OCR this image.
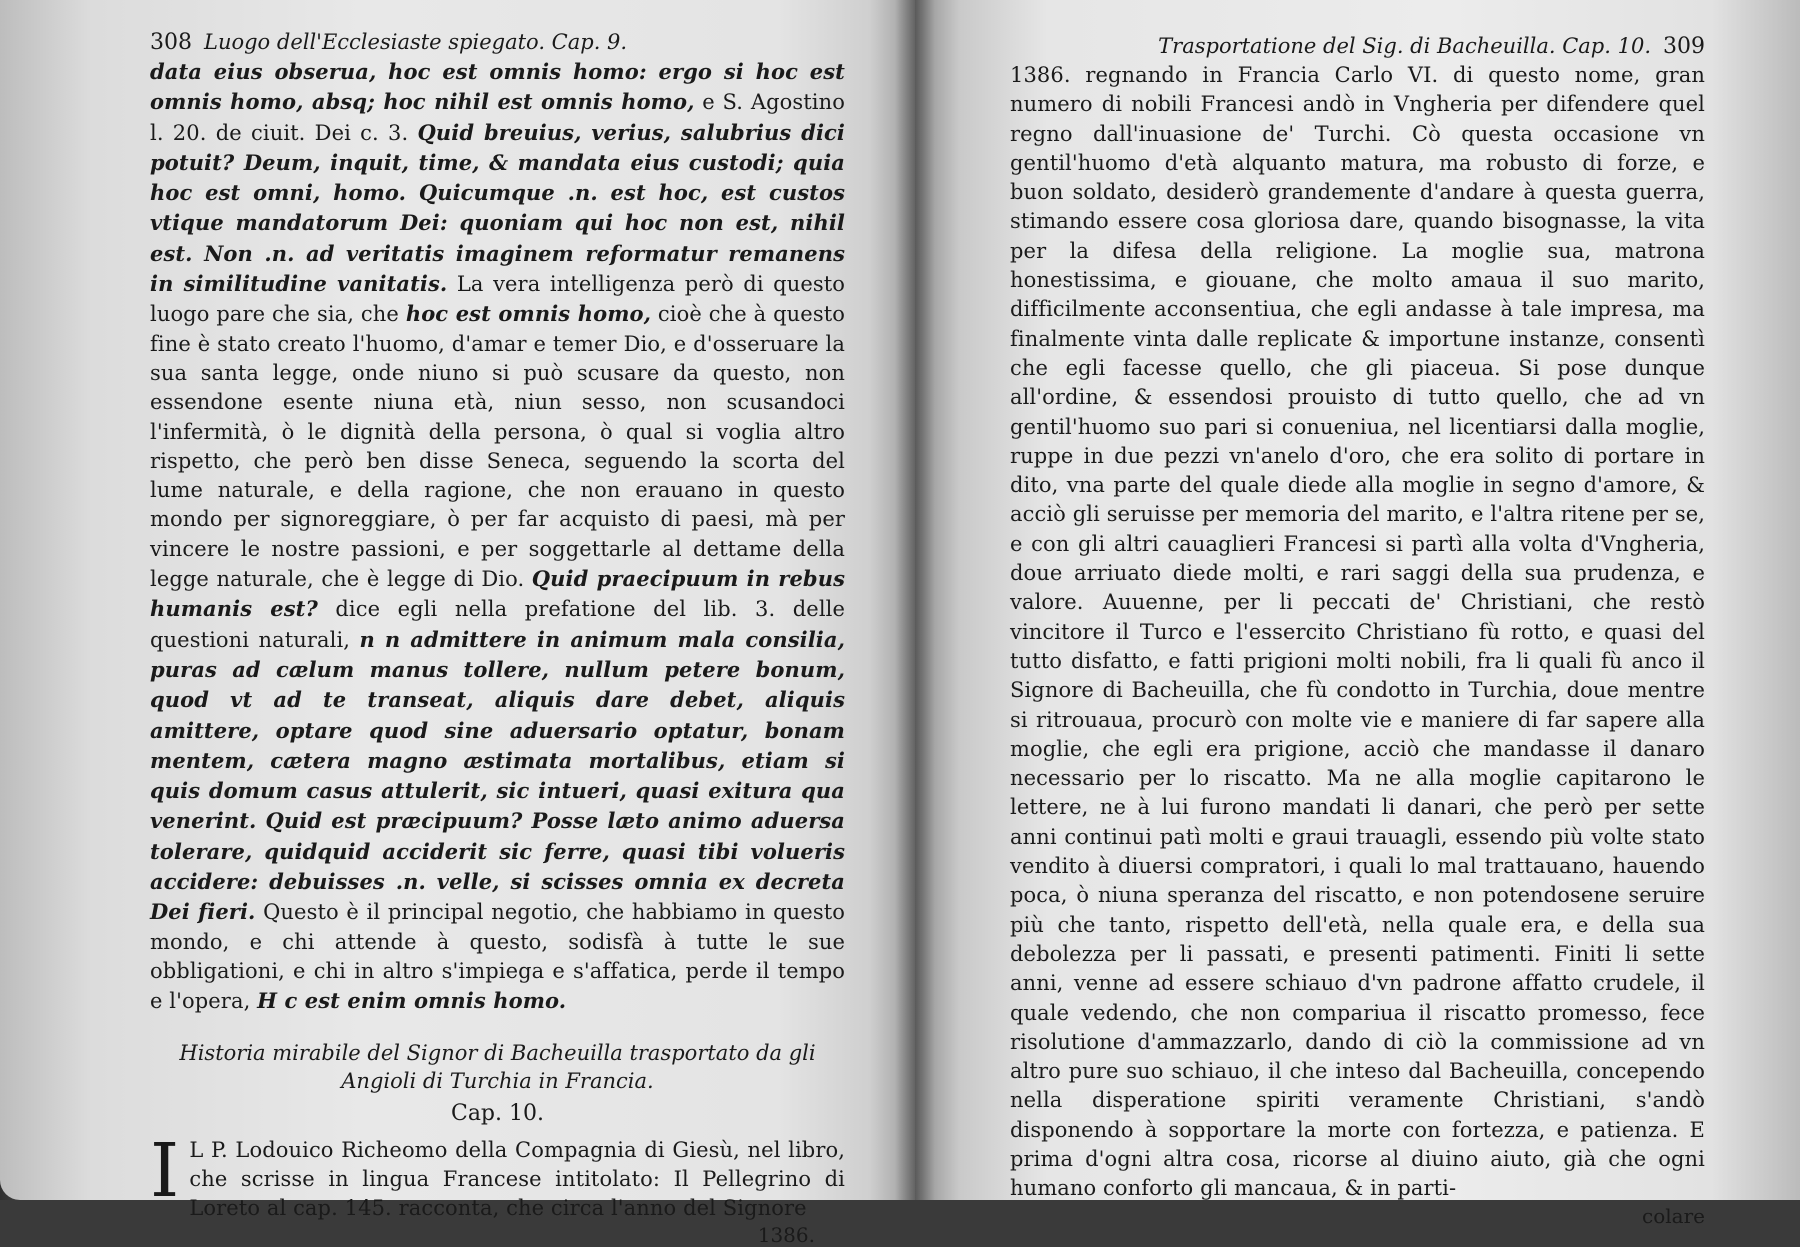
308 Luogo dell'Ecclesiaste spiegato. Cap. 9.

data eius obserua, hoc est omnis homo: ergo si hoc est omnis homo, absq; hoc nihil est omnis homo, e S. Agostino l. 20. de ciuit. Dei c. 3. Quid breuius, verius, salubrius dici potuit? Deum, inquit, time, & mandata eius custodi; quia hoc est omni, homo. Quicumque .n. est hoc, est custos vtique mandatorum Dei: quoniam qui hoc non est, nihil est. Non .n. ad veritatis imaginem reformatur remanens in similitudine vanitatis. La vera intelligenza però di questo luogo pare che sia, che hoc est omnis homo, cioè che à questo fine è stato creato l'huomo, d'amar e temer Dio, e d'osseruare la sua santa legge, onde niuno si può scusare da questo, non essendone esente niuna età, niun sesso, non scusandoci l'infermità, ò le dignità della persona, ò qual si voglia altro rispetto, che però ben disse Seneca, seguendo la scorta del lume naturale, e della ragione, che non erauano in questo mondo per signoreggiare, ò per far acquisto di paesi, mà per vincere le nostre passioni, e per soggettarle al dettame della legge naturale, che è legge di Dio. Quid praecipuum in rebus humanis est? dice egli nella prefatione del lib. 3. delle questioni naturali, n n admittere in animum mala consilia, puras ad cælum manus tollere, nullum petere bonum, quod vt ad te transeat, aliquis dare debet, aliquis amittere, optare quod sine aduersario optatur, bonam mentem, cætera magno æstimata mortalibus, etiam si quis domum casus attulerit, sic intueri, quasi exitura qua venerint. Quid est præcipuum? Posse læto animo aduersa tolerare, quidquid acciderit sic ferre, quasi tibi volueris accidere: debuisses .n. velle, si scisses omnia ex decreta Dei fieri. Questo è il principal negotio, che habbiamo in questo mondo, e chi attende à questo, sodisfà à tutte le sue obbligationi, e chi in altro s'impiega e s'affatica, perde il tempo e l'opera, H c est enim omnis homo.

Historia mirabile del Signor di Bacheuilla trasportato da gli
Angioli di Turchia in Francia.
Cap. 10.

I L P. Lodouico Richeomo della Compagnia di Giesù, nel libro, che scrisse in lingua Francese intitolato: Il Pellegrino di Loreto al cap. 145. racconta, che circa l'anno del Signore

1386.
Trasportatione del Sig. di Bacheuilla. Cap. 10. 309

1386. regnando in Francia Carlo VI. di questo nome, gran numero di nobili Francesi andò in Vngheria per difendere quel regno dall'inuasione de' Turchi. Cò questa occasione vn gentil'huomo d'età alquanto matura, ma robusto di forze, e buon soldato, desiderò grandemente d'andare à questa guerra, stimando essere cosa gloriosa dare, quando bisognasse, la vita per la difesa della religione. La moglie sua, matrona honestissima, e giouane, che molto amaua il suo marito, difficilmente acconsentiua, che egli andasse à tale impresa, ma finalmente vinta dalle replicate & importune instanze, consentì che egli facesse quello, che gli piaceua. Si pose dunque all'ordine, & essendosi prouisto di tutto quello, che ad vn gentil'huomo suo pari si conueniua, nel licentiarsi dalla moglie, ruppe in due pezzi vn'anelo d'oro, che era solito di portare in dito, vna parte del quale diede alla moglie in segno d'amore, & acciò gli seruisse per memoria del marito, e l'altra ritene per se, e con gli altri cauaglieri Francesi si partì alla volta d'Vngheria, doue arriuato diede molti, e rari saggi della sua prudenza, e valore. Auuenne, per li peccati de' Christiani, che restò vincitore il Turco e l'essercito Christiano fù rotto, e quasi del tutto disfatto, e fatti prigioni molti nobili, fra li quali fù anco il Signore di Bacheuilla, che fù condotto in Turchia, doue mentre si ritrouaua, procurò con molte vie e maniere di far sapere alla moglie, che egli era prigione, acciò che mandasse il danaro necessario per lo riscatto. Ma ne alla moglie capitarono le lettere, ne à lui furono mandati li danari, che però per sette anni continui patì molti e graui trauagli, essendo più volte stato vendito à diuersi compratori, i quali lo mal trattauano, hauendo poca, ò niuna speranza del riscatto, e non potendosene seruire più che tanto, rispetto dell'età, nella quale era, e della sua debolezza per li passati, e presenti patimenti. Finiti li sette anni, venne ad essere schiauo d'vn padrone affatto crudele, il quale vedendo, che non compariua il riscatto promesso, fece risolutione d'ammazzarlo, dando di ciò la commissione ad vn altro pure suo schiauo, il che inteso dal Bacheuilla, concependo nella disperatione spiriti veramente Christiani, s'andò disponendo à sopportare la morte con fortezza, e patienza. E prima d'ogni altra cosa, ricorse al diuino aiuto, già che ogni humano conforto gli mancaua, & in parti-

colare
